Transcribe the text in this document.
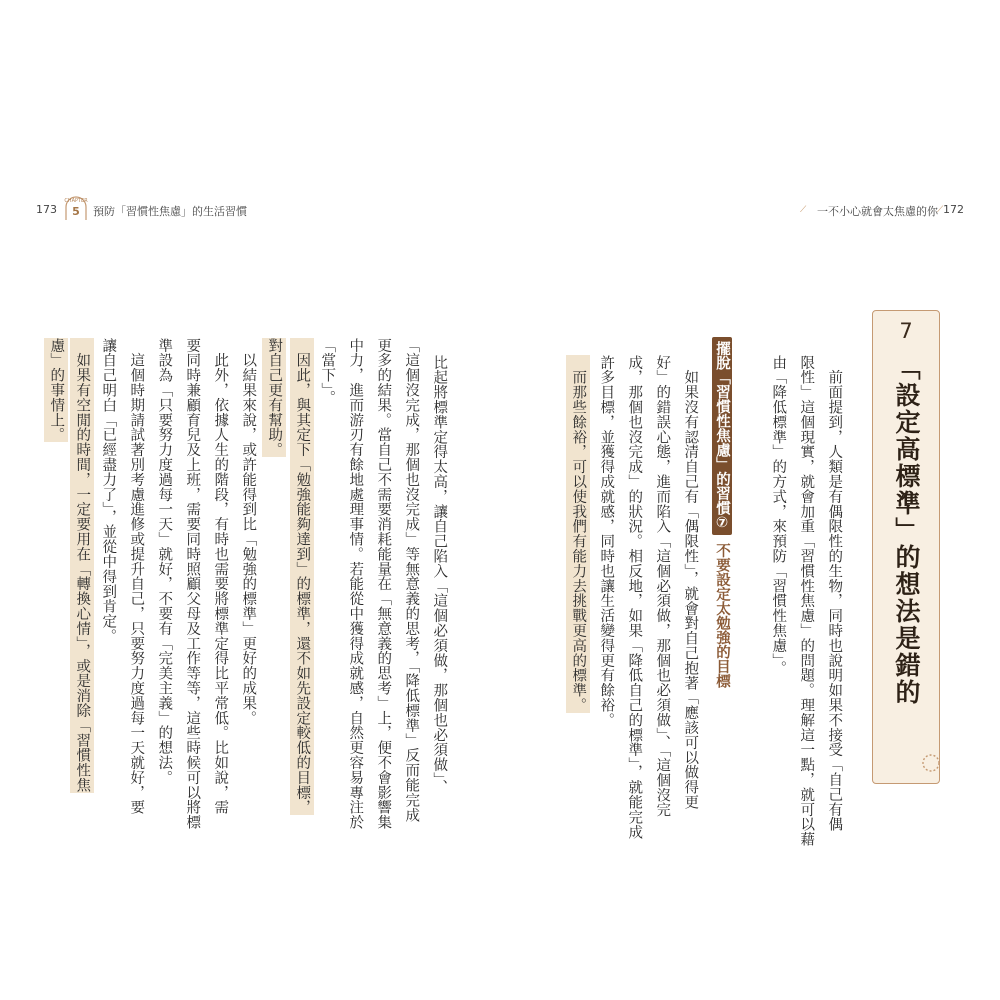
173
CHAPTER
5	預防「習慣性焦慮」的生活習慣	⟋ 一不小心就會太焦慮的你 ⟋ 172
7
「設定高標準」的想法是錯的
　前面提到，人類是有偶限性的生物，同時也說明如果不接受「自己有偶
限性」這個現實，就會加重「習慣性焦慮」的問題。理解這一點，就可以藉
由「降低標準」的方式，來預防「習慣性焦慮」。
擺脫「習慣性焦慮」的習慣⑦不要設定太勉強的目標
　如果沒有認清自己有「偶限性」，就會對自己抱著「應該可以做得更
好」的錯誤心態，進而陷入「這個必須做，那個也必須做」、「這個沒完
成，那個也沒完成」的狀況。相反地，如果「降低自己的標準」，就能完成
許多目標，並獲得成就感，同時也讓生活變得更有餘裕。
　而那些餘裕，可以使我們有能力去挑戰更高的標準。
比起將標準定得太高，讓自己陷入「這個必須做，那個也必須做」、
「這個沒完成，那個也沒完成」等無意義的思考，「降低標準」反而能完成
更多的結果。當自己不需要消耗能量在「無意義的思考」上，便不會影響集
中力，進而游刃有餘地處理事情。若能從中獲得成就感，自然更容易專注於
「當下」。
　因此，與其定下「勉強能夠達到」的標準，還不如先設定較低的目標，
對自己更有幫助。
　以結果來說，或許能得到比「勉強的標準」更好的成果。
　此外，依據人生的階段，有時也需要將標準定得比平常低。比如說，需
要同時兼顧育兒及上班，需要同時照顧父母及工作等等，這些時候可以將標
準設為「只要努力度過每一天」就好，不要有「完美主義」的想法。
　這個時期請試著別考慮進修或提升自己，只要努力度過每一天就好，要
讓自己明白「已經盡力了」，並從中得到肯定。
　如果有空閒的時間，一定要用在「轉換心情」，或是消除「習慣性焦
慮」的事情上。
